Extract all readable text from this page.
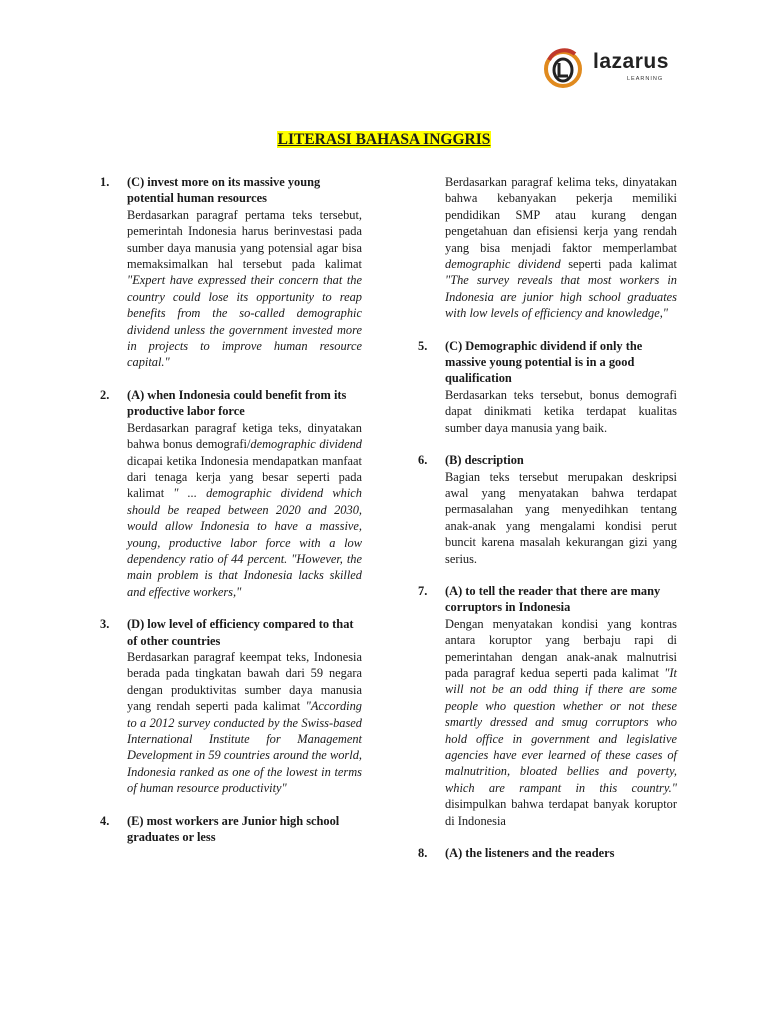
lazarus
LEARNING
LITERASI BAHASA INGGRIS
1. (C) invest more on its massive young potential human resources
Berdasarkan paragraf pertama teks tersebut, pemerintah Indonesia harus berinvestasi pada sumber daya manusia yang potensial agar bisa memaksimalkan hal tersebut pada kalimat "Expert have expressed their concern that the country could lose its opportunity to reap benefits from the so-called demographic dividend unless the government invested more in projects to improve human resource capital."
2. (A) when Indonesia could benefit from its productive labor force
Berdasarkan paragraf ketiga teks, dinyatakan bahwa bonus demografi/demographic dividend dicapai ketika Indonesia mendapatkan manfaat dari tenaga kerja yang besar seperti pada kalimat " ... demographic dividend which should be reaped between 2020 and 2030, would allow Indonesia to have a massive, young, productive labor force with a low dependency ratio of 44 percent. "However, the main problem is that Indonesia lacks skilled and effective workers,"
3. (D) low level of efficiency compared to that of other countries
Berdasarkan paragraf keempat teks, Indonesia berada pada tingkatan bawah dari 59 negara dengan produktivitas sumber daya manusia yang rendah seperti pada kalimat "According to a 2012 survey conducted by the Swiss-based International Institute for Management Development in 59 countries around the world, Indonesia ranked as one of the lowest in terms of human resource productivity"
4. (E) most workers are Junior high school graduates or less
Berdasarkan paragraf kelima teks, dinyatakan bahwa kebanyakan pekerja memiliki pendidikan SMP atau kurang dengan pengetahuan dan efisiensi kerja yang rendah yang bisa menjadi faktor memperlambat demographic dividend seperti pada kalimat "The survey reveals that most workers in Indonesia are junior high school graduates with low levels of efficiency and knowledge,"
5. (C) Demographic dividend if only the massive young potential is in a good qualification
Berdasarkan teks tersebut, bonus demografi dapat dinikmati ketika terdapat kualitas sumber daya manusia yang baik.
6. (B) description
Bagian teks tersebut merupakan deskripsi awal yang menyatakan bahwa terdapat permasalahan yang menyedihkan tentang anak-anak yang mengalami kondisi perut buncit karena masalah kekurangan gizi yang serius.
7. (A) to tell the reader that there are many corruptors in Indonesia
Dengan menyatakan kondisi yang kontras antara koruptor yang berbaju rapi di pemerintahan dengan anak-anak malnutrisi pada paragraf kedua seperti pada kalimat "It will not be an odd thing if there are some people who question whether or not these smartly dressed and smug corruptors who hold office in government and legislative agencies have ever learned of these cases of malnutrition, bloated bellies and poverty, which are rampant in this country." disimpulkan bahwa terdapat banyak koruptor di Indonesia
8. (A) the listeners and the readers
